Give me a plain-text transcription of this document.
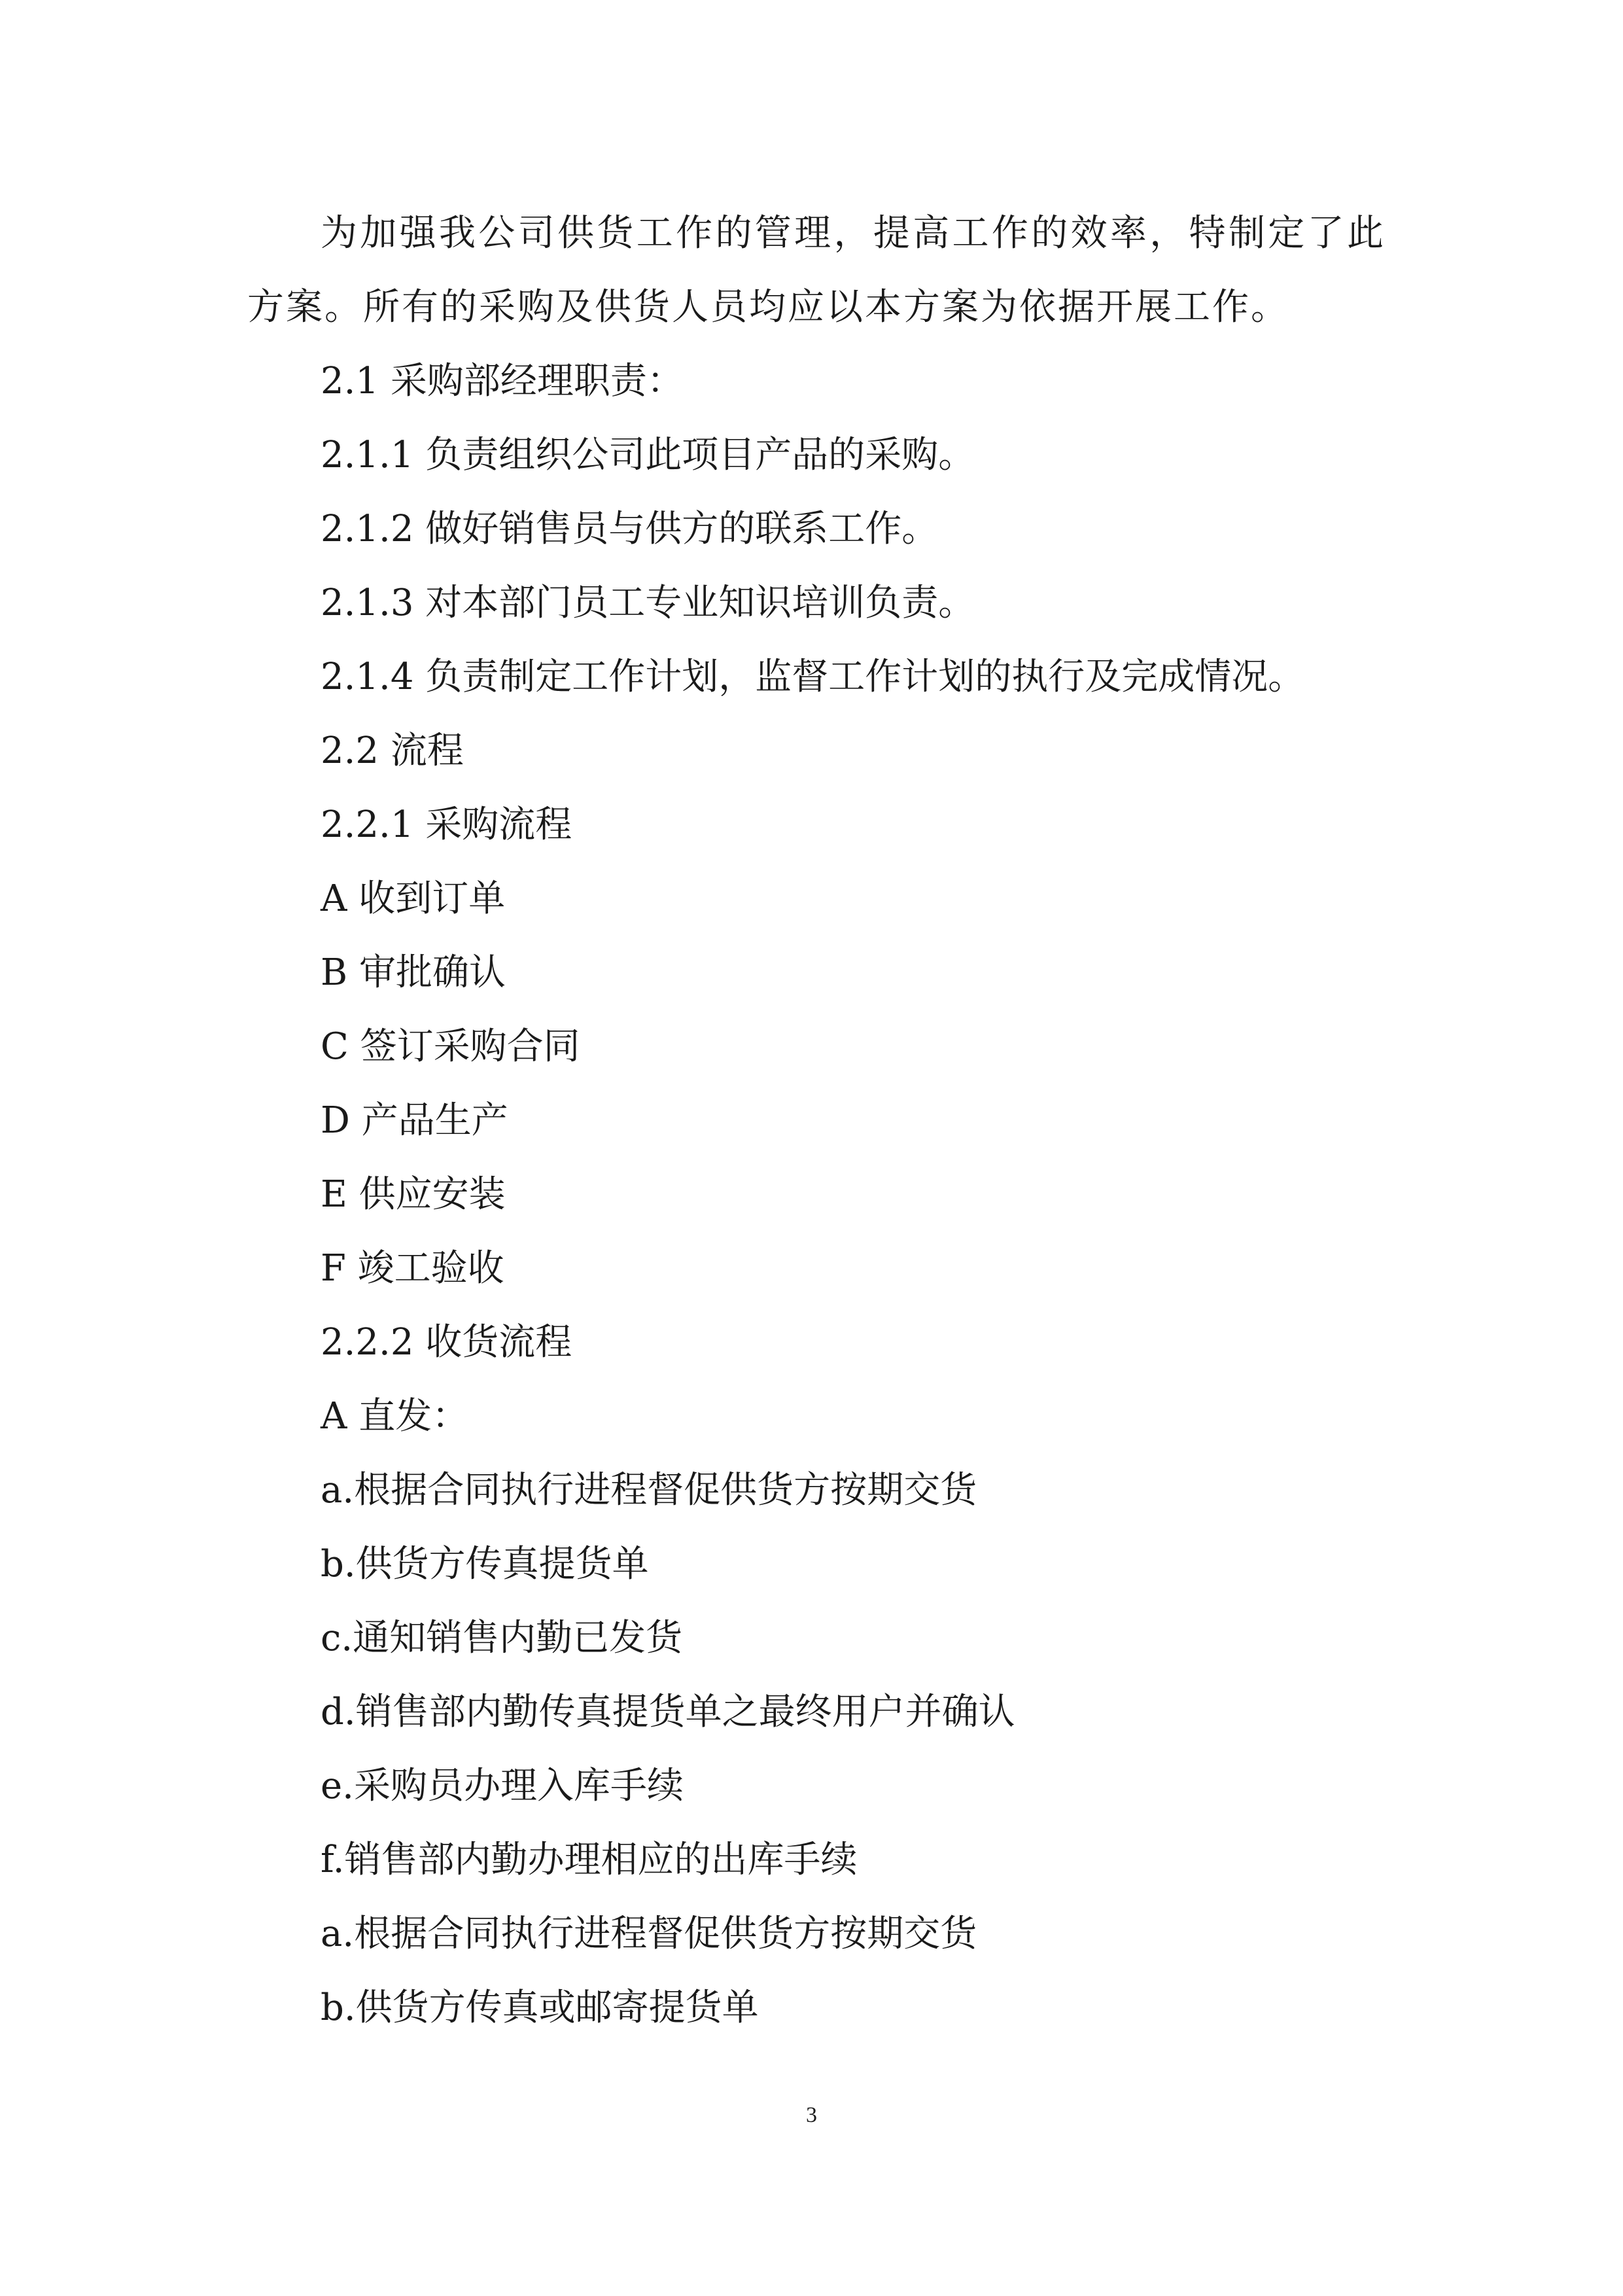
为加强我公司供货工作的管理，提高工作的效率，特制定了此方案。所有的采购及供货人员均应以本方案为依据开展工作。

2.1 采购部经理职责：

2.1.1 负责组织公司此项目产品的采购。

2.1.2 做好销售员与供方的联系工作。

2.1.3 对本部门员工专业知识培训负责。

2.1.4 负责制定工作计划，监督工作计划的执行及完成情况。

2.2 流程

2.2.1 采购流程

A 收到订单

B 审批确认

C 签订采购合同

D 产品生产

E 供应安装

F 竣工验收

2.2.2 收货流程

A 直发：

a.根据合同执行进程督促供货方按期交货

b.供货方传真提货单

c.通知销售内勤已发货

d.销售部内勤传真提货单之最终用户并确认

e.采购员办理入库手续

f.销售部内勤办理相应的出库手续

a.根据合同执行进程督促供货方按期交货

b.供货方传真或邮寄提货单

3
